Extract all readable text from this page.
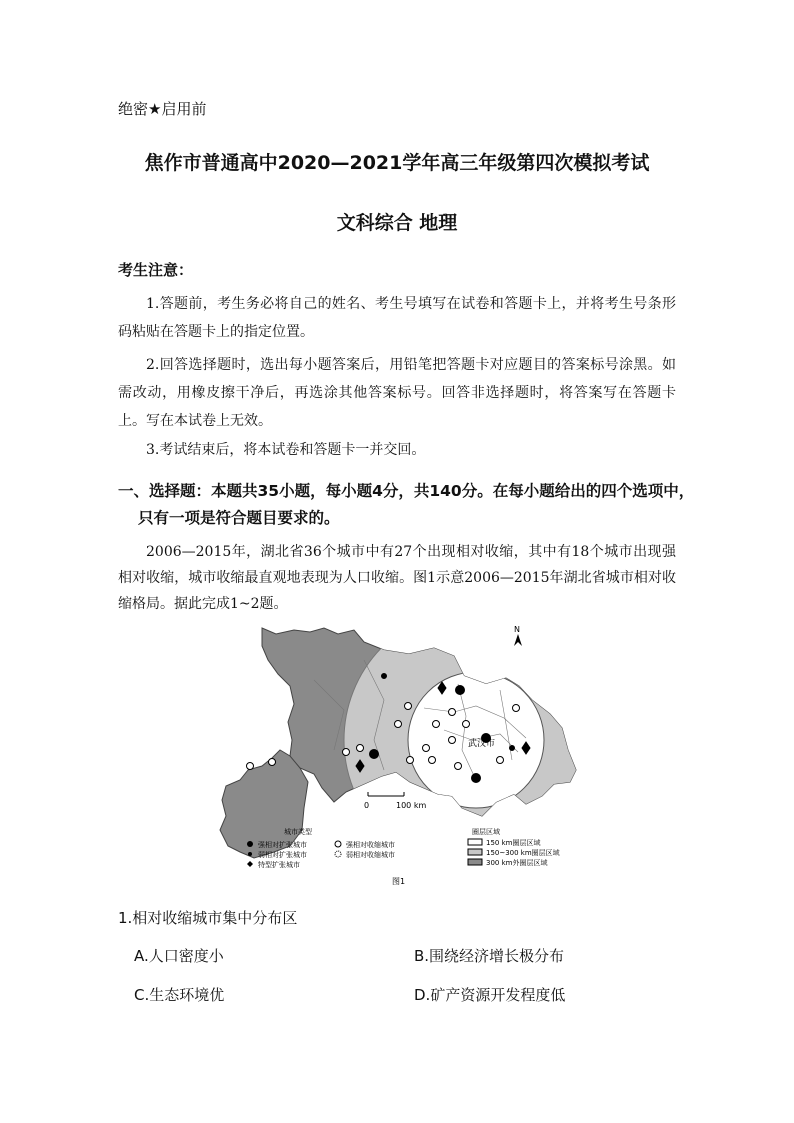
绝密★启用前
焦作市普通高中2020—2021学年高三年级第四次模拟考试
文科综合 地理
考生注意：
1.答题前，考生务必将自己的姓名、考生号填写在试卷和答题卡上，并将考生号条形码粘贴在答题卡上的指定位置。
2.回答选择题时，选出每小题答案后，用铅笔把答题卡对应题目的答案标号涂黑。如需改动，用橡皮擦干净后，再选涂其他答案标号。回答非选择题时，将答案写在答题卡上。写在本试卷上无效。
3.考试结束后，将本试卷和答题卡一并交回。
一、选择题：本题共35小题，每小题4分，共140分。在每小题给出的四个选项中，只有一项是符合题目要求的。
2006—2015年，湖北省36个城市中有27个出现相对收缩，其中有18个城市出现强相对收缩，城市收缩最直观地表现为人口收缩。图1示意2006—2015年湖北省城市相对收缩格局。据此完成1~2题。
武汉市
N
0	100 km
城市类型
强相对扩张城市
弱相对扩张城市
特型扩张城市
强相对收缩城市
弱相对收缩城市
圈层区域
150 km圈层区域
150~300 km圈层区域
300 km外圈层区域
图1
1.相对收缩城市集中分布区
A.人口密度小	B.围绕经济增长极分布
C.生态环境优	D.矿产资源开发程度低
